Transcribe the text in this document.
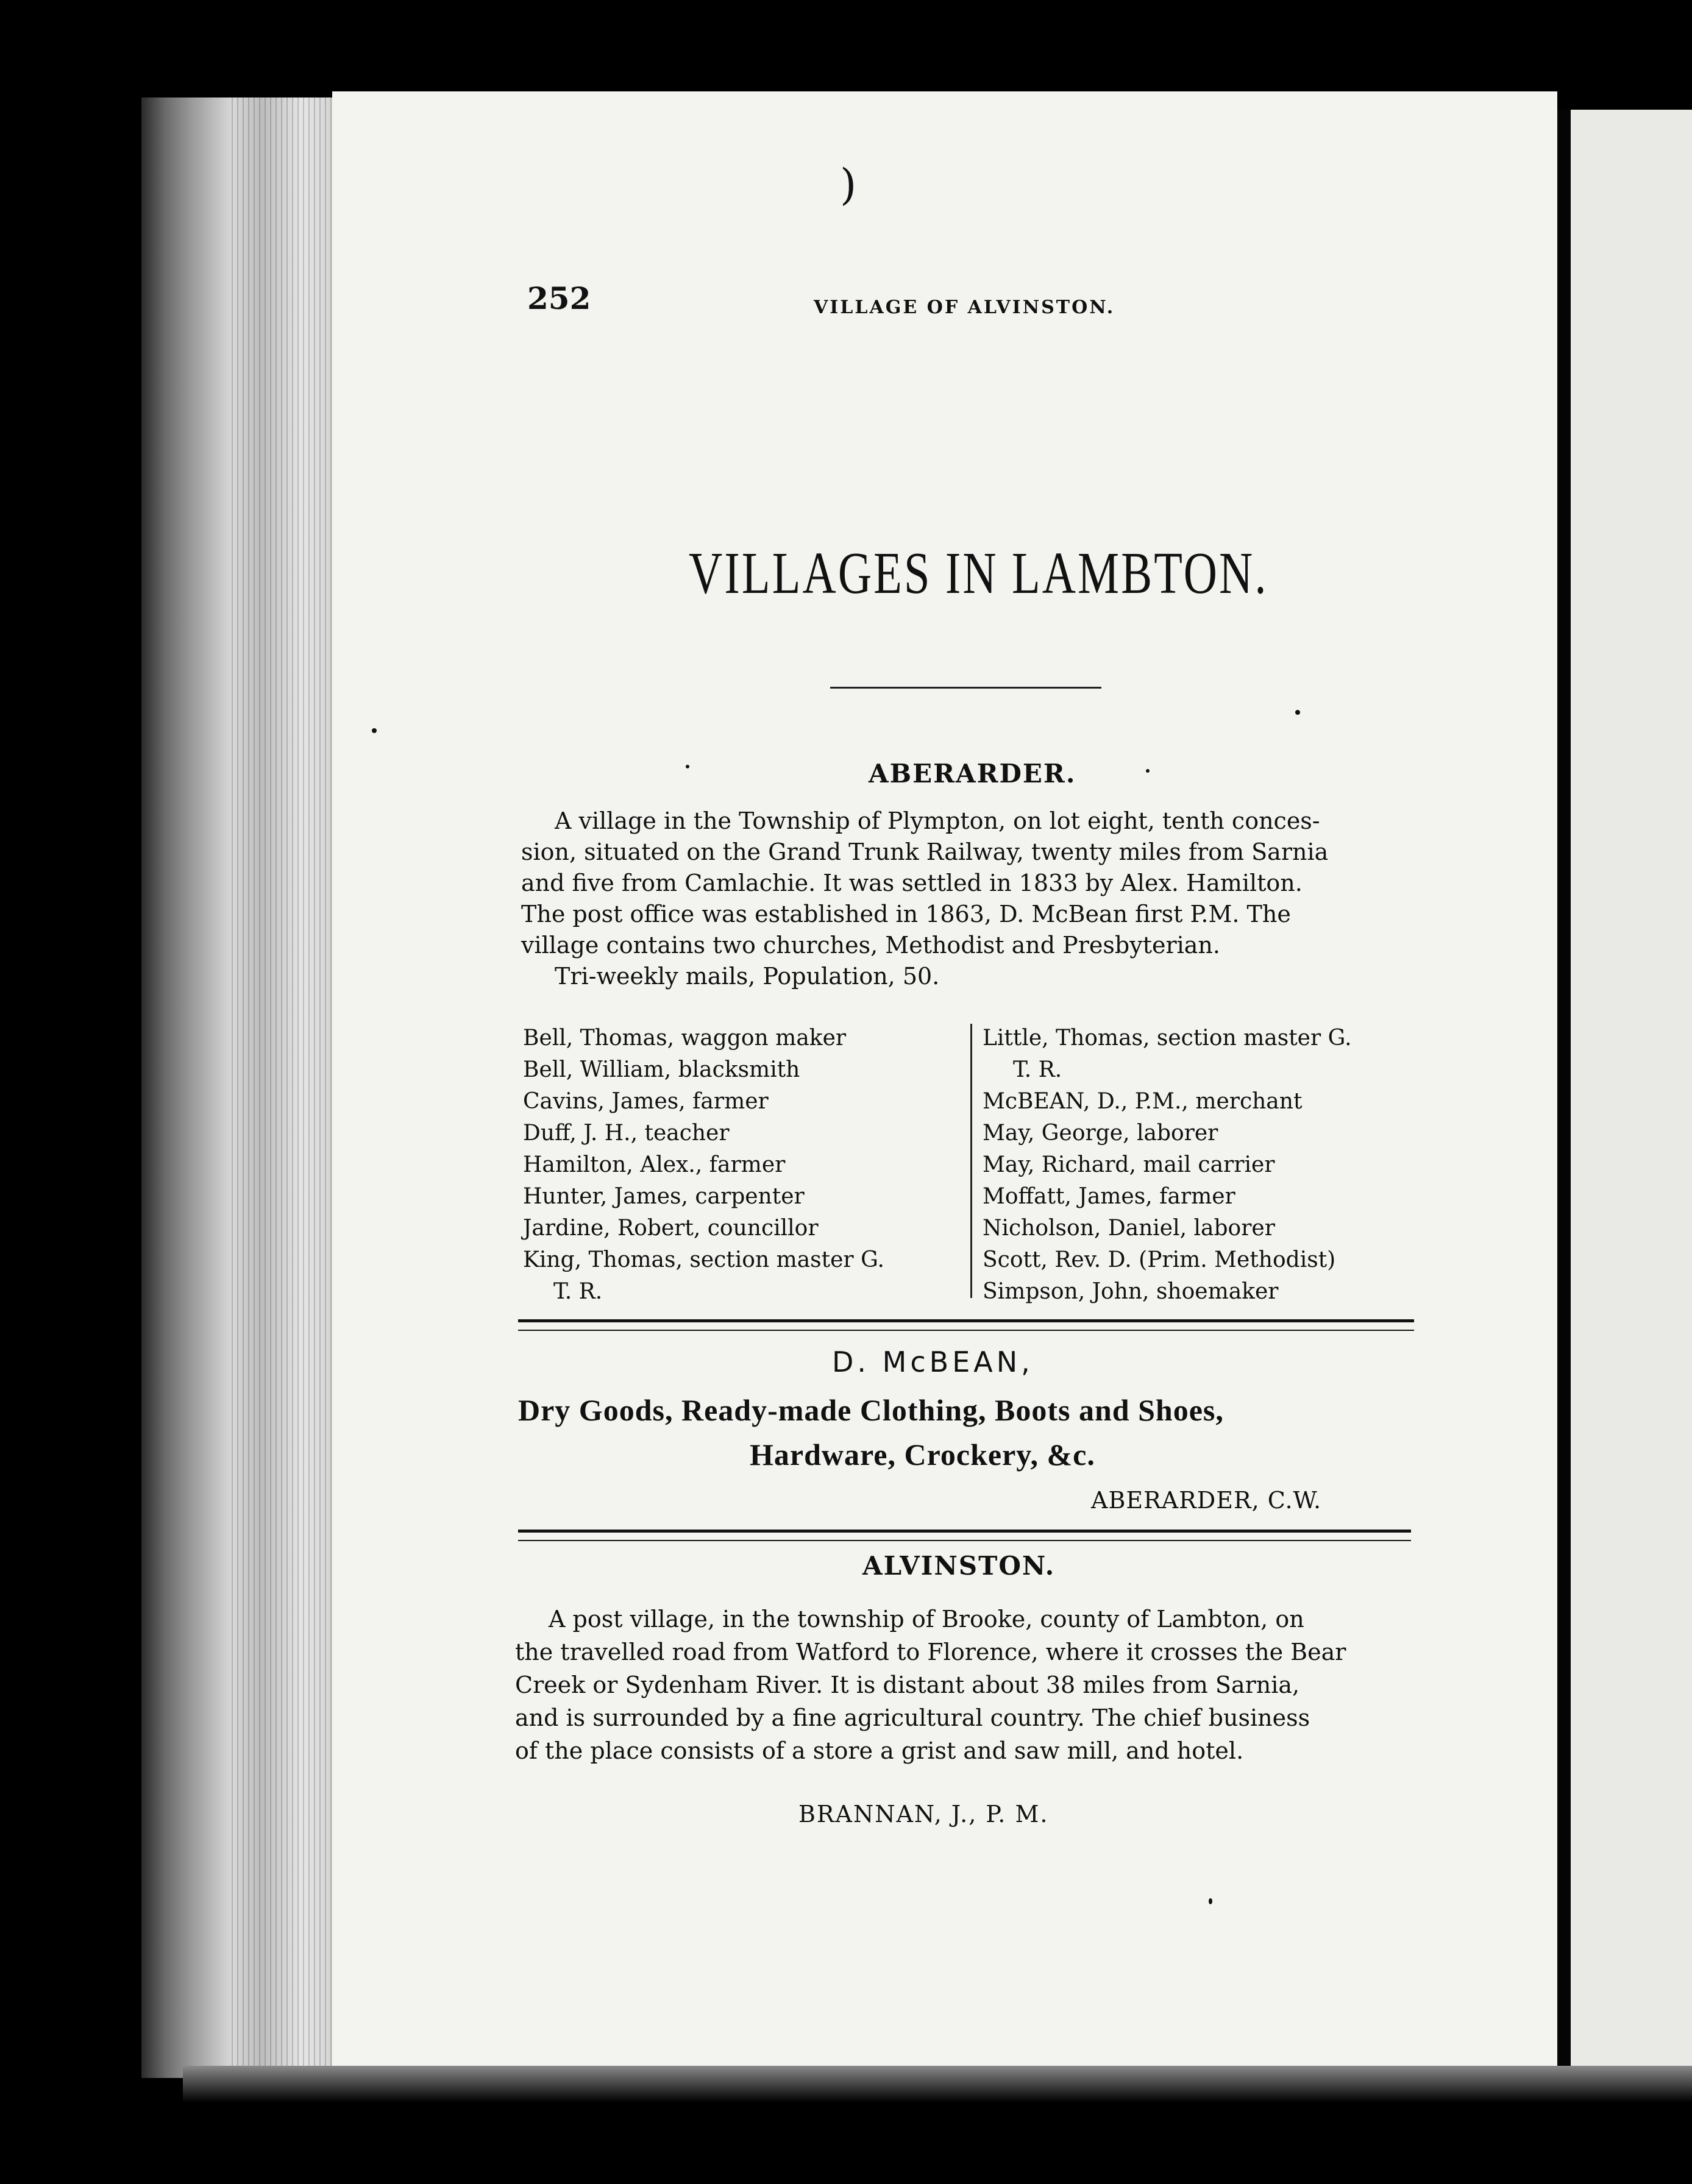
)
252	VILLAGE OF ALVINSTON.
VILLAGES IN LAMBTON.
ABERARDER.
A village in the Township of Plympton, on lot eight, tenth conces-
sion, situated on the Grand Trunk Railway, twenty miles from Sarnia
and five from Camlachie. It was settled in 1833 by Alex. Hamilton.
The post office was established in 1863, D. McBean first P.M. The
village contains two churches, Methodist and Presbyterian.
Tri-weekly mails, Population, 50.
Bell, Thomas, waggon maker
Bell, William, blacksmith
Cavins, James, farmer
Duff, J. H., teacher
Hamilton, Alex., farmer
Hunter, James, carpenter
Jardine, Robert, councillor
King, Thomas, section master G.
T. R.
Little, Thomas, section master G.
T. R.
McBEAN, D., P.M., merchant
May, George, laborer
May, Richard, mail carrier
Moffatt, James, farmer
Nicholson, Daniel, laborer
Scott, Rev. D. (Prim. Methodist)
Simpson, John, shoemaker
D. McBEAN,
Dry Goods, Ready-made Clothing, Boots and Shoes,
Hardware, Crockery, &c.
ABERARDER, C.W.
ALVINSTON.
A post village, in the township of Brooke, county of Lambton, on
the travelled road from Watford to Florence, where it crosses the Bear
Creek or Sydenham River. It is distant about 38 miles from Sarnia,
and is surrounded by a fine agricultural country. The chief business
of the place consists of a store a grist and saw mill, and hotel.
BRANNAN, J., P. M.
